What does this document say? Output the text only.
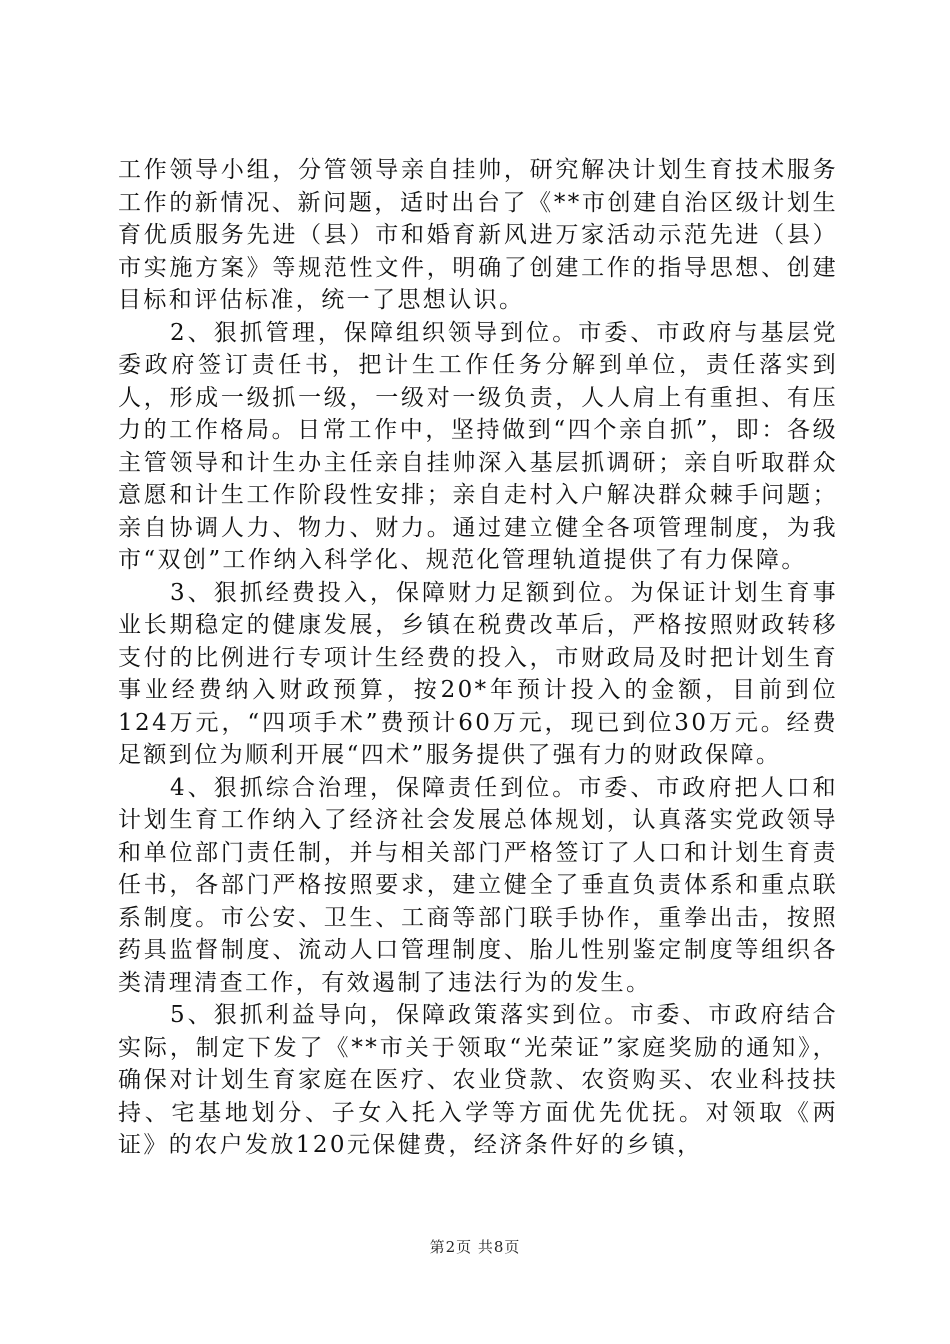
工作领导小组，分管领导亲自挂帅，研究解决计划生育技术服务工作的新情况、新问题，适时出台了《**市创建自治区级计划生育优质服务先进（县）市和婚育新风进万家活动示范先进（县）市实施方案》等规范性文件，明确了创建工作的指导思想、创建目标和评估标准，统一了思想认识。

2、狠抓管理，保障组织领导到位。市委、市政府与基层党委政府签订责任书，把计生工作任务分解到单位，责任落实到人，形成一级抓一级，一级对一级负责，人人肩上有重担、有压力的工作格局。日常工作中，坚持做到“四个亲自抓”，即：各级主管领导和计生办主任亲自挂帅深入基层抓调研；亲自听取群众意愿和计生工作阶段性安排；亲自走村入户解决群众棘手问题；亲自协调人力、物力、财力。通过建立健全各项管理制度，为我市“双创”工作纳入科学化、规范化管理轨道提供了有力保障。

3、狠抓经费投入，保障财力足额到位。为保证计划生育事业长期稳定的健康发展，乡镇在税费改革后，严格按照财政转移支付的比例进行专项计生经费的投入，市财政局及时把计划生育事业经费纳入财政预算，按20*年预计投入的金额，目前到位124万元，“四项手术”费预计60万元，现已到位30万元。经费足额到位为顺利开展“四术”服务提供了强有力的财政保障。

4、狠抓综合治理，保障责任到位。市委、市政府把人口和计划生育工作纳入了经济社会发展总体规划，认真落实党政领导和单位部门责任制，并与相关部门严格签订了人口和计划生育责任书，各部门严格按照要求，建立健全了垂直负责体系和重点联系制度。市公安、卫生、工商等部门联手协作，重拳出击，按照药具监督制度、流动人口管理制度、胎儿性别鉴定制度等组织各类清理清查工作，有效遏制了违法行为的发生。

5、狠抓利益导向，保障政策落实到位。市委、市政府结合实际，制定下发了《**市关于领取“光荣证”家庭奖励的通知》，确保对计划生育家庭在医疗、农业贷款、农资购买、农业科技扶持、宅基地划分、子女入托入学等方面优先优抚。对领取《两证》的农户发放120元保健费，经济条件好的乡镇，

第2页 共8页
